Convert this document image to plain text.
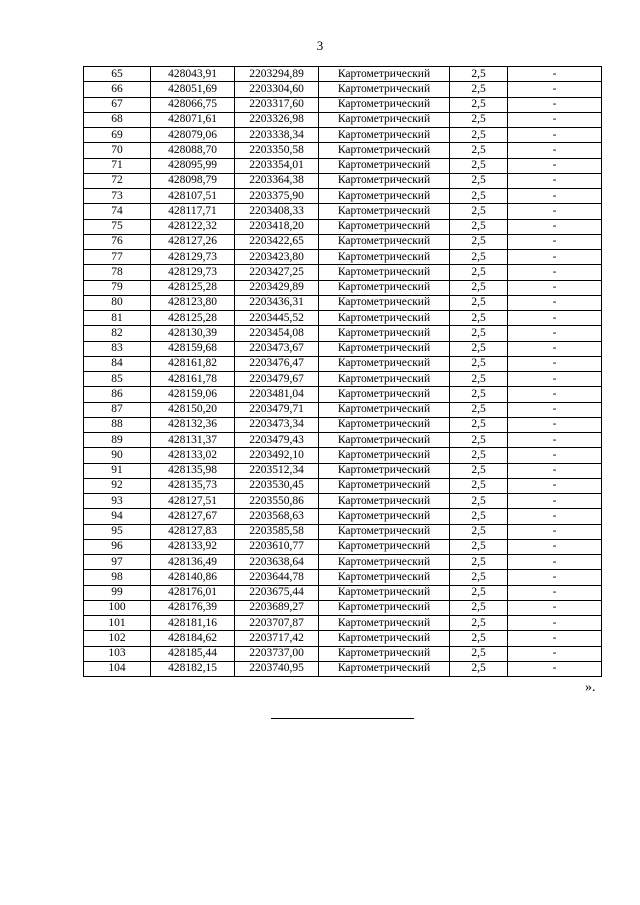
3
65	428043,91	2203294,89	Картометрический	2,5	-
66	428051,69	2203304,60	Картометрический	2,5	-
67	428066,75	2203317,60	Картометрический	2,5	-
68	428071,61	2203326,98	Картометрический	2,5	-
69	428079,06	2203338,34	Картометрический	2,5	-
70	428088,70	2203350,58	Картометрический	2,5	-
71	428095,99	2203354,01	Картометрический	2,5	-
72	428098,79	2203364,38	Картометрический	2,5	-
73	428107,51	2203375,90	Картометрический	2,5	-
74	428117,71	2203408,33	Картометрический	2,5	-
75	428122,32	2203418,20	Картометрический	2,5	-
76	428127,26	2203422,65	Картометрический	2,5	-
77	428129,73	2203423,80	Картометрический	2,5	-
78	428129,73	2203427,25	Картометрический	2,5	-
79	428125,28	2203429,89	Картометрический	2,5	-
80	428123,80	2203436,31	Картометрический	2,5	-
81	428125,28	2203445,52	Картометрический	2,5	-
82	428130,39	2203454,08	Картометрический	2,5	-
83	428159,68	2203473,67	Картометрический	2,5	-
84	428161,82	2203476,47	Картометрический	2,5	-
85	428161,78	2203479,67	Картометрический	2,5	-
86	428159,06	2203481,04	Картометрический	2,5	-
87	428150,20	2203479,71	Картометрический	2,5	-
88	428132,36	2203473,34	Картометрический	2,5	-
89	428131,37	2203479,43	Картометрический	2,5	-
90	428133,02	2203492,10	Картометрический	2,5	-
91	428135,98	2203512,34	Картометрический	2,5	-
92	428135,73	2203530,45	Картометрический	2,5	-
93	428127,51	2203550,86	Картометрический	2,5	-
94	428127,67	2203568,63	Картометрический	2,5	-
95	428127,83	2203585,58	Картометрический	2,5	-
96	428133,92	2203610,77	Картометрический	2,5	-
97	428136,49	2203638,64	Картометрический	2,5	-
98	428140,86	2203644,78	Картометрический	2,5	-
99	428176,01	2203675,44	Картометрический	2,5	-
100	428176,39	2203689,27	Картометрический	2,5	-
101	428181,16	2203707,87	Картометрический	2,5	-
102	428184,62	2203717,42	Картометрический	2,5	-
103	428185,44	2203737,00	Картометрический	2,5	-
104	428182,15	2203740,95	Картометрический	2,5	-
».
